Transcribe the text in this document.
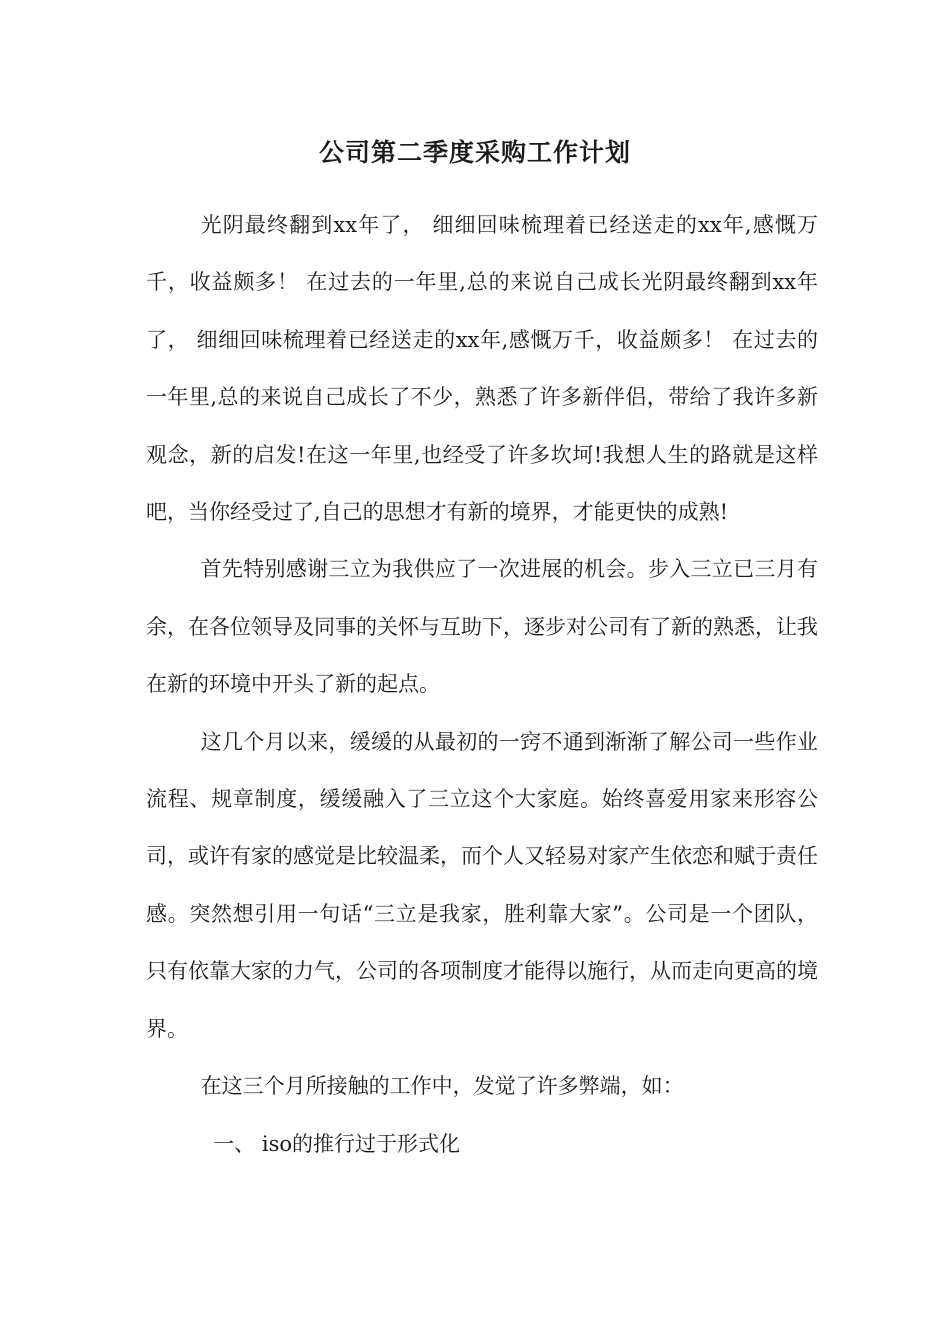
公司第二季度采购工作计划

光阴最终翻到xx年了， 细细回味梳理着已经送走的xx年,感慨万千，收益颇多！ 在过去的一年里,总的来说自己成长光阴最终翻到xx年了， 细细回味梳理着已经送走的xx年,感慨万千，收益颇多！ 在过去的一年里,总的来说自己成长了不少，熟悉了许多新伴侣，带给了我许多新观念，新的启发!在这一年里,也经受了许多坎坷!我想人生的路就是这样吧，当你经受过了,自己的思想才有新的境界，才能更快的成熟!

首先特别感谢三立为我供应了一次进展的机会。步入三立已三月有余，在各位领导及同事的关怀与互助下，逐步对公司有了新的熟悉，让我在新的环境中开头了新的起点。

这几个月以来，缓缓的从最初的一窍不通到渐渐了解公司一些作业流程、规章制度，缓缓融入了三立这个大家庭。始终喜爱用家来形容公司，或许有家的感觉是比较温柔，而个人又轻易对家产生依恋和赋于责任感。突然想引用一句话“三立是我家，胜利靠大家”。公司是一个团队，只有依靠大家的力气，公司的各项制度才能得以施行，从而走向更高的境界。

在这三个月所接触的工作中，发觉了许多弊端，如：

一、 iso的推行过于形式化
